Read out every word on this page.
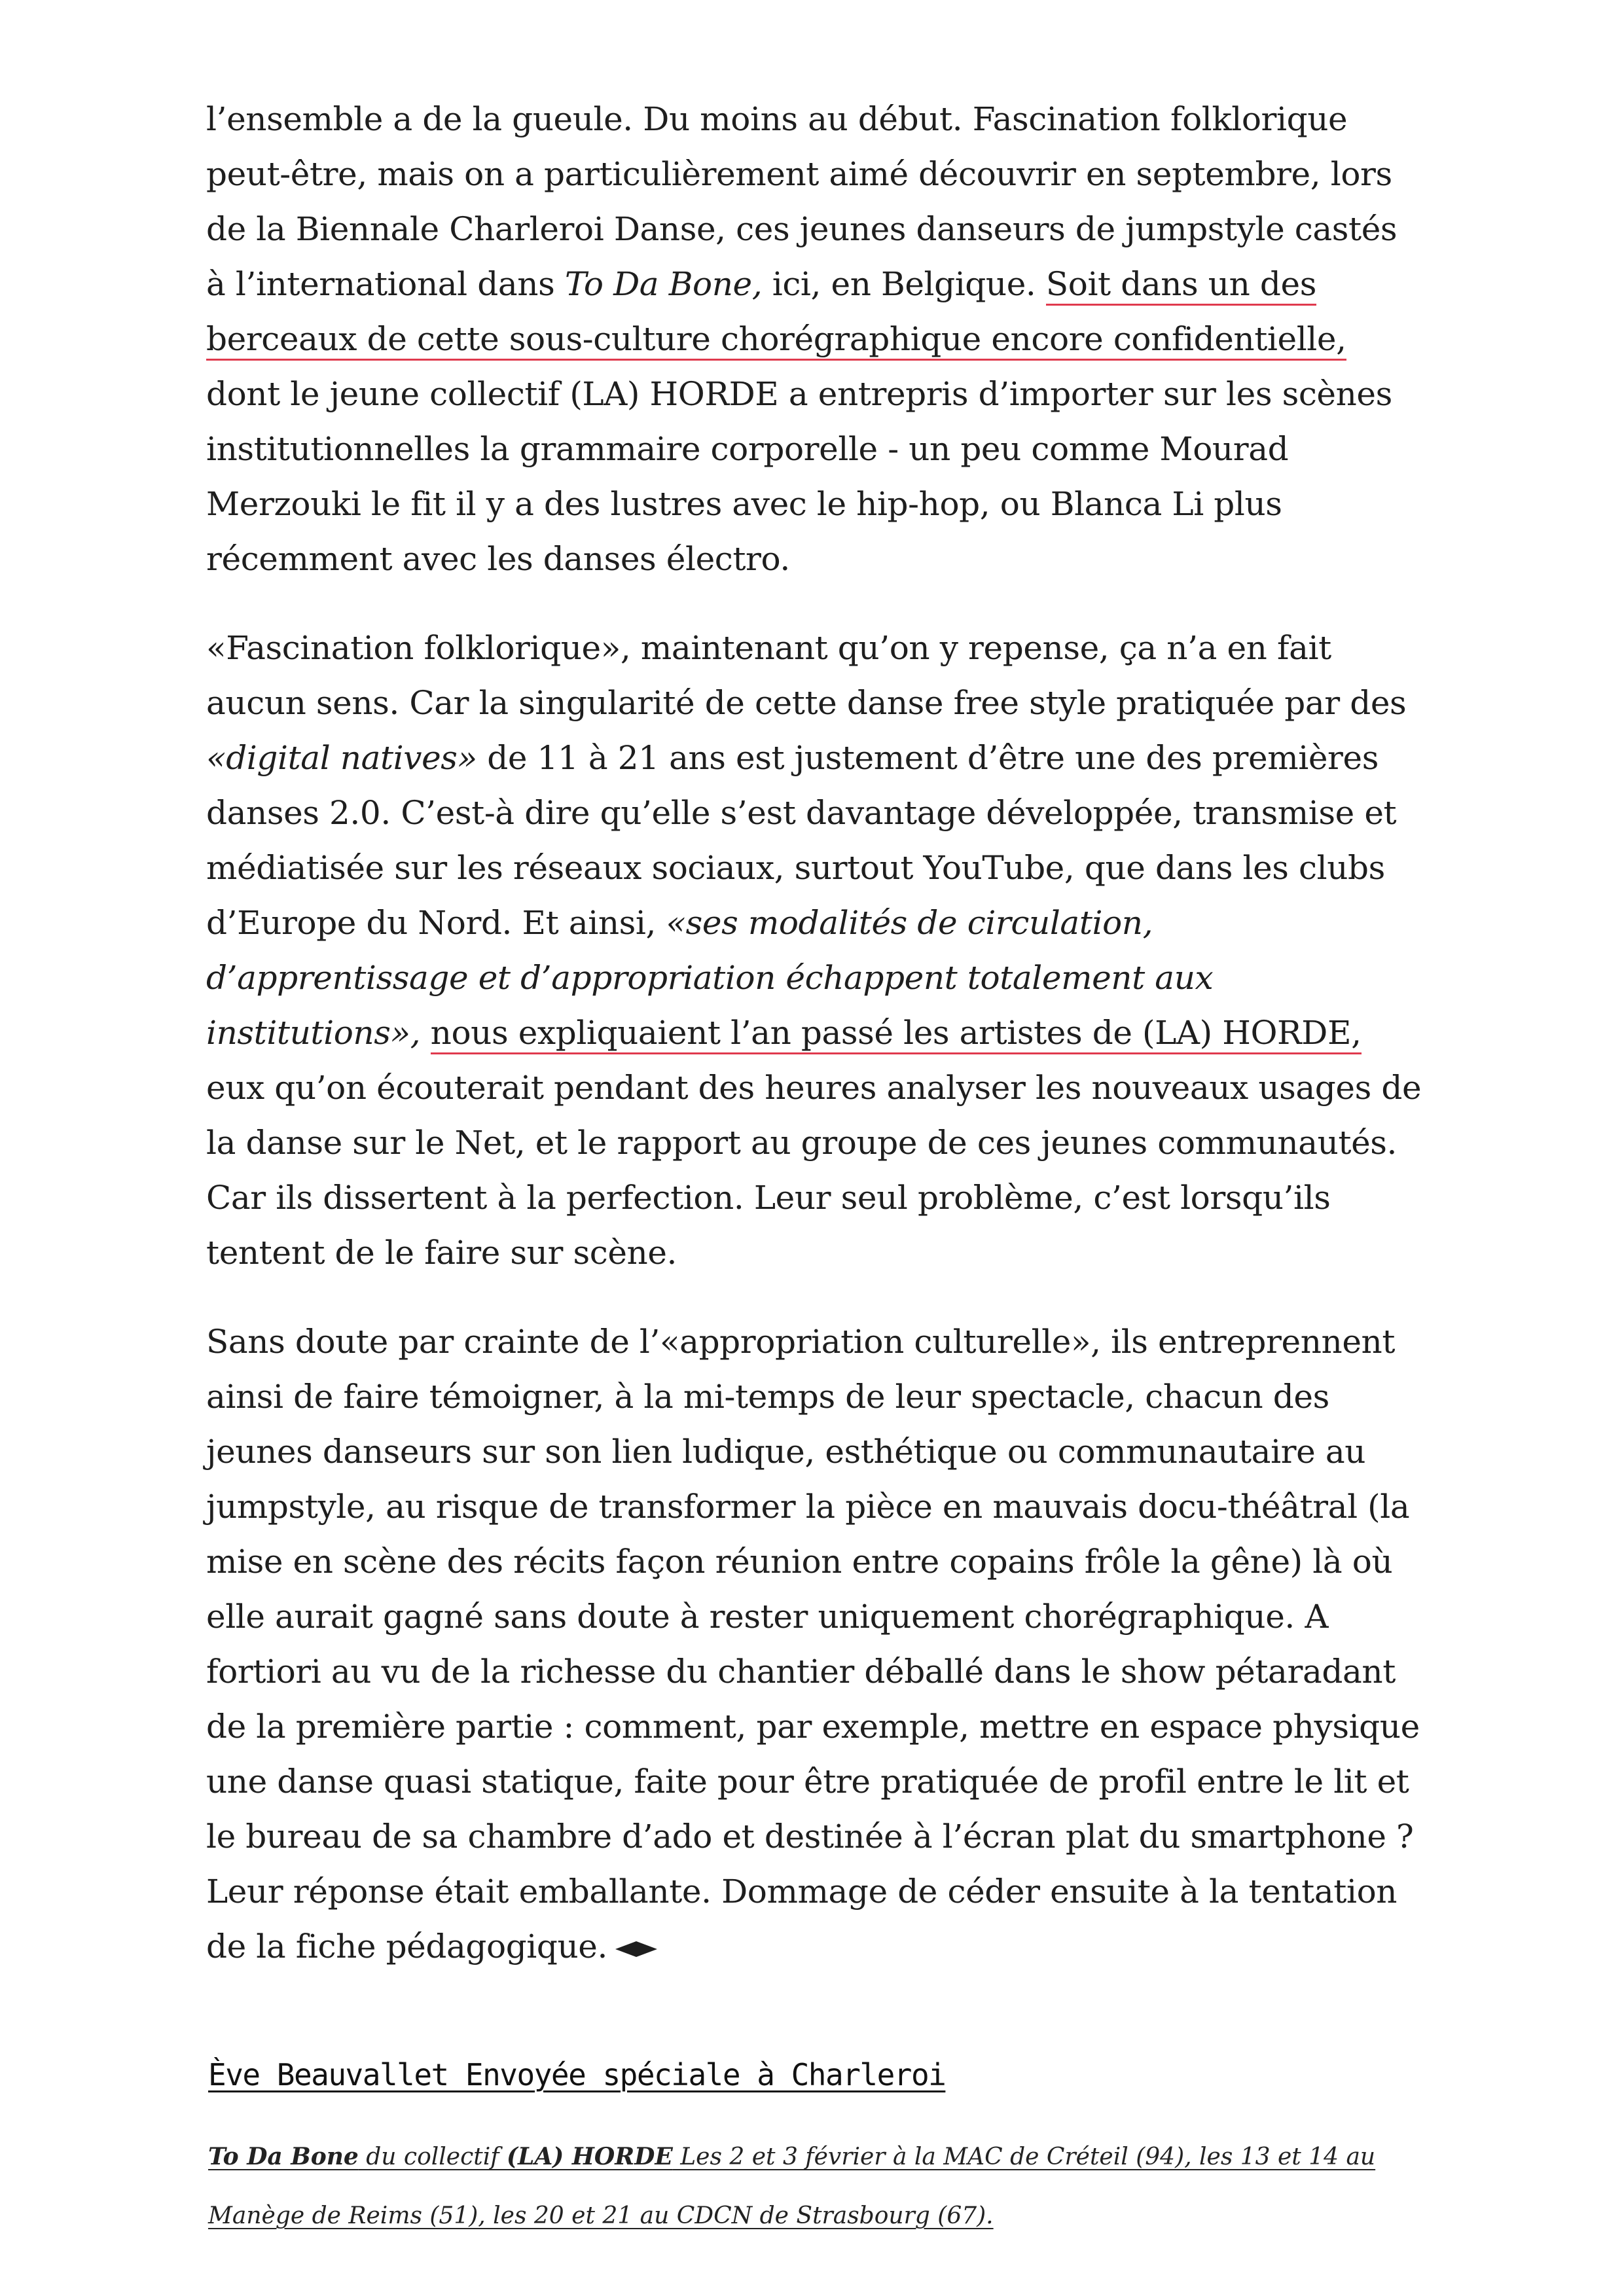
l’ensemble a de la gueule. Du moins au début. Fascination folklorique
peut-être, mais on a particulièrement aimé découvrir en septembre, lors
de la Biennale Charleroi Danse, ces jeunes danseurs de jumpstyle castés
à l’international dans To Da Bone, ici, en Belgique. Soit dans un des
berceaux de cette sous-culture chorégraphique encore confidentielle,
dont le jeune collectif (LA) HORDE a entrepris d’importer sur les scènes
institutionnelles la grammaire corporelle - un peu comme Mourad
Merzouki le fit il y a des lustres avec le hip-hop, ou Blanca Li plus
récemment avec les danses électro.

«Fascination folklorique», maintenant qu’on y repense, ça n’a en fait
aucun sens. Car la singularité de cette danse free style pratiquée par des
«digital natives» de 11 à 21 ans est justement d’être une des premières
danses 2.0. C’est-à dire qu’elle s’est davantage développée, transmise et
médiatisée sur les réseaux sociaux, surtout YouTube, que dans les clubs
d’Europe du Nord. Et ainsi, «ses modalités de circulation,
d’apprentissage et d’appropriation échappent totalement aux
institutions», nous expliquaient l’an passé les artistes de (LA) HORDE,
eux qu’on écouterait pendant des heures analyser les nouveaux usages de
la danse sur le Net, et le rapport au groupe de ces jeunes communautés.
Car ils dissertent à la perfection. Leur seul problème, c’est lorsqu’ils
tentent de le faire sur scène.

Sans doute par crainte de l’«appropriation culturelle», ils entreprennent
ainsi de faire témoigner, à la mi-temps de leur spectacle, chacun des
jeunes danseurs sur son lien ludique, esthétique ou communautaire au
jumpstyle, au risque de transformer la pièce en mauvais docu-théâtral (la
mise en scène des récits façon réunion entre copains frôle la gêne) là où
elle aurait gagné sans doute à rester uniquement chorégraphique. A
fortiori au vu de la richesse du chantier déballé dans le show pétaradant
de la première partie : comment, par exemple, mettre en espace physique
une danse quasi statique, faite pour être pratiquée de profil entre le lit et
le bureau de sa chambre d’ado et destinée à l’écran plat du smartphone ?
Leur réponse était emballante. Dommage de céder ensuite à la tentation
de la fiche pédagogique.

Ève Beauvallet Envoyée spéciale à Charleroi
To Da Bone du collectif (LA) HORDE Les 2 et 3 février à la MAC de Créteil (94), les 13 et 14 au
Manège de Reims (51), les 20 et 21 au CDCN de Strasbourg (67).
